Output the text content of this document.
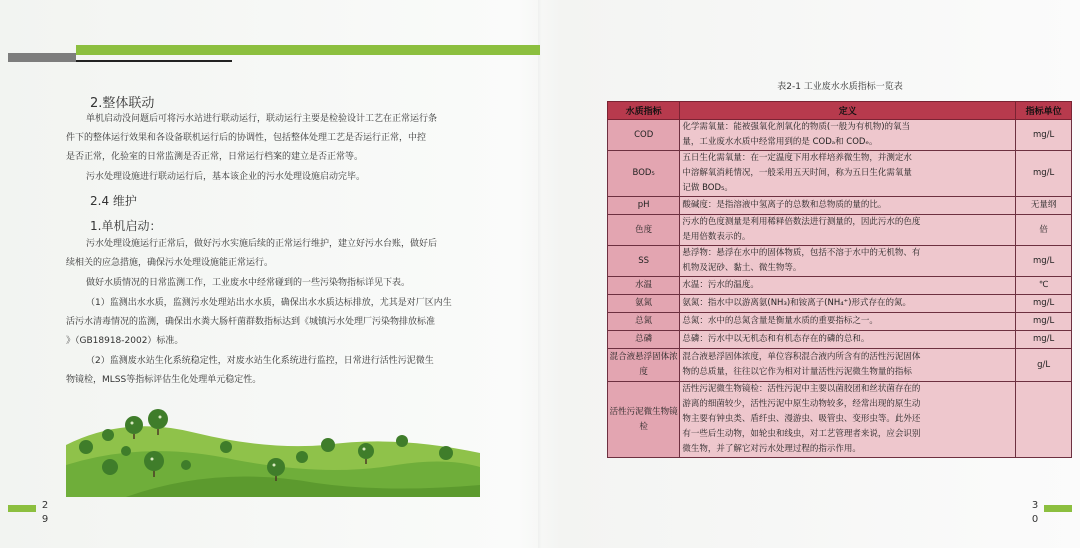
2.整体联动
单机启动没问题后可将污水站进行联动运行，联动运行主要是检验设计工艺在正常运行条
件下的整体运行效果和各设备联机运行后的协调性，包括整体处理工艺是否运行正常，中控
是否正常，化验室的日常监测是否正常，日常运行档案的建立是否正常等。
污水处理设施进行联动运行后，基本该企业的污水处理设施启动完毕。
2.4 维护
1.单机启动：
污水处理设施运行正常后，做好污水实施后续的正常运行维护，建立好污水台账，做好后
续相关的应急措施，确保污水处理设施能正常运行。
做好水质情况的日常监测工作，工业废水中经常碰到的一些污染物指标详见下表。
（1）监测出水水质，监测污水处理站出水水质，确保出水水质达标排放，尤其是对厂区内生
活污水清毒情况的监测，确保出水粪大肠杆菌群数指标达到《城镇污水处理厂污染物排放标准
》（GB18918-2002）标准。
（2）监测废水站生化系统稳定性，对废水站生化系统进行监控，日常进行活性污泥微生
物镜检，MLSS等指标评估生化处理单元稳定性。
2
9
3
0
表2-1 工业废水水质指标一览表
水质指标	定义	指标单位
COD	化学需氧量：能被强氧化剂氧化的物质(一般为有机物)的氧当
量，工业废水水质中经常用到的是 CODₐ和 CODₑ。	mg/L
BOD₅	五日生化需氧量：在一定温度下用水样培养微生物，并测定水
中溶解氧消耗情况，一般采用五天时间，称为五日生化需氧量
记做 BOD₅。	mg/L
pH	酸碱度：是指溶液中氢离子的总数和总物质的量的比。	无量纲
色度	污水的色度测量是利用稀释倍数法进行测量的，因此污水的色度
是用倍数表示的。	倍
SS	悬浮物：悬浮在水中的固体物质，包括不溶于水中的无机物、有
机物及泥砂、黏土、微生物等。	mg/L
水温	水温：污水的温度。	℃
氨氮	氨氮：指水中以游离氨(NH₃)和铵离子(NH₄⁺)形式存在的氮。	mg/L
总氮	总氮：水中的总氮含量是衡量水质的重要指标之一。	mg/L
总磷	总磷：污水中以无机态和有机态存在的磷的总和。	mg/L
混合液悬浮固体浓度	混合液悬浮固体浓度，单位容积混合液内所含有的活性污泥固体
物的总质量，往往以它作为相对计量活性污泥微生物量的指标	g/L
活性污泥微生物镜检	活性污泥微生物镜检：活性污泥中主要以菌胶团和丝状菌存在的
游离的细菌较少，活性污泥中原生动物较多，经常出现的原生动
物主要有钟虫类、盾纤虫、漫游虫、吸管虫、变形虫等。此外还
有一些后生动物，如轮虫和线虫，对工艺管理者来说，应会识别
微生物，并了解它对污水处理过程的指示作用。	
